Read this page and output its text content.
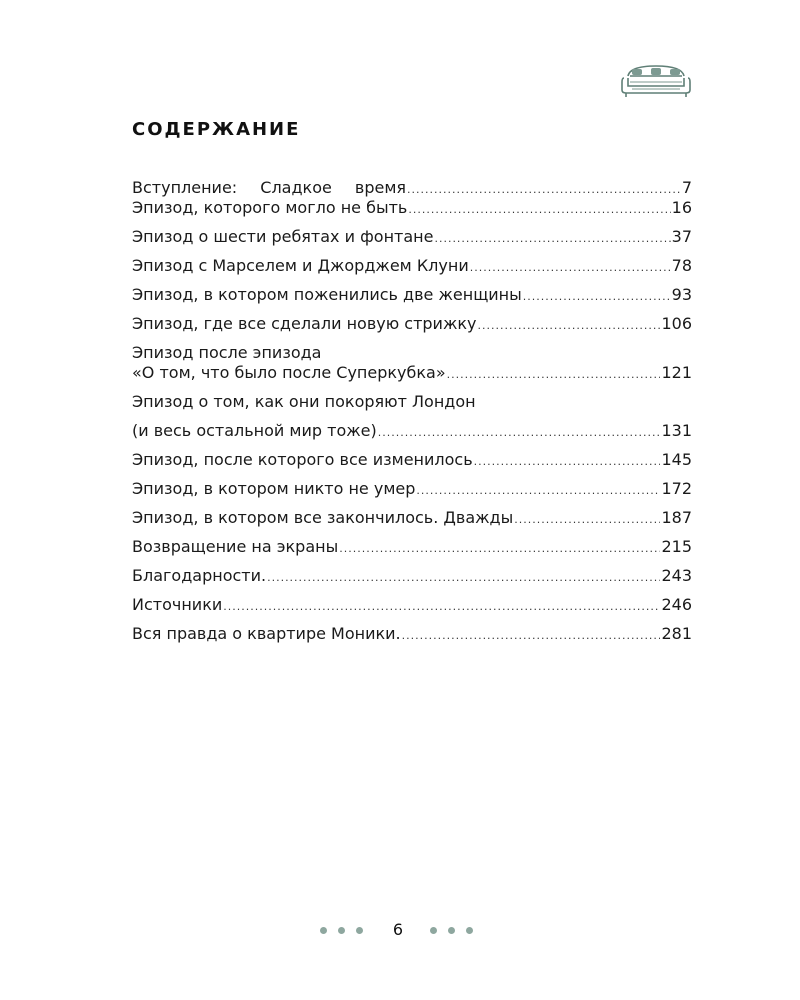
содержание
Вступление: Сладкое время .....	7
Эпизод, которого могло не быть .....	16
Эпизод о шести ребятах и фонтане .....	37
Эпизод с Марселем и Джорджем Клуни .....	78
Эпизод, в котором поженились две женщины .....	93
Эпизод, где все сделали новую стрижку .....	106
Эпизод после эпизода
«О том, что было после Суперкубка» .....	121
Эпизод о том, как они покоряют Лондон
(и весь остальной мир тоже) .....	131
Эпизод, после которого все изменилось .....	145
Эпизод, в котором никто не умер .....	172
Эпизод, в котором все закончилось. Дважды .....	187
Возвращение на экраны .....	215
Благодарности. .....	243
Источники .....	246
Вся правда о квартире Моники. .....	281
6
